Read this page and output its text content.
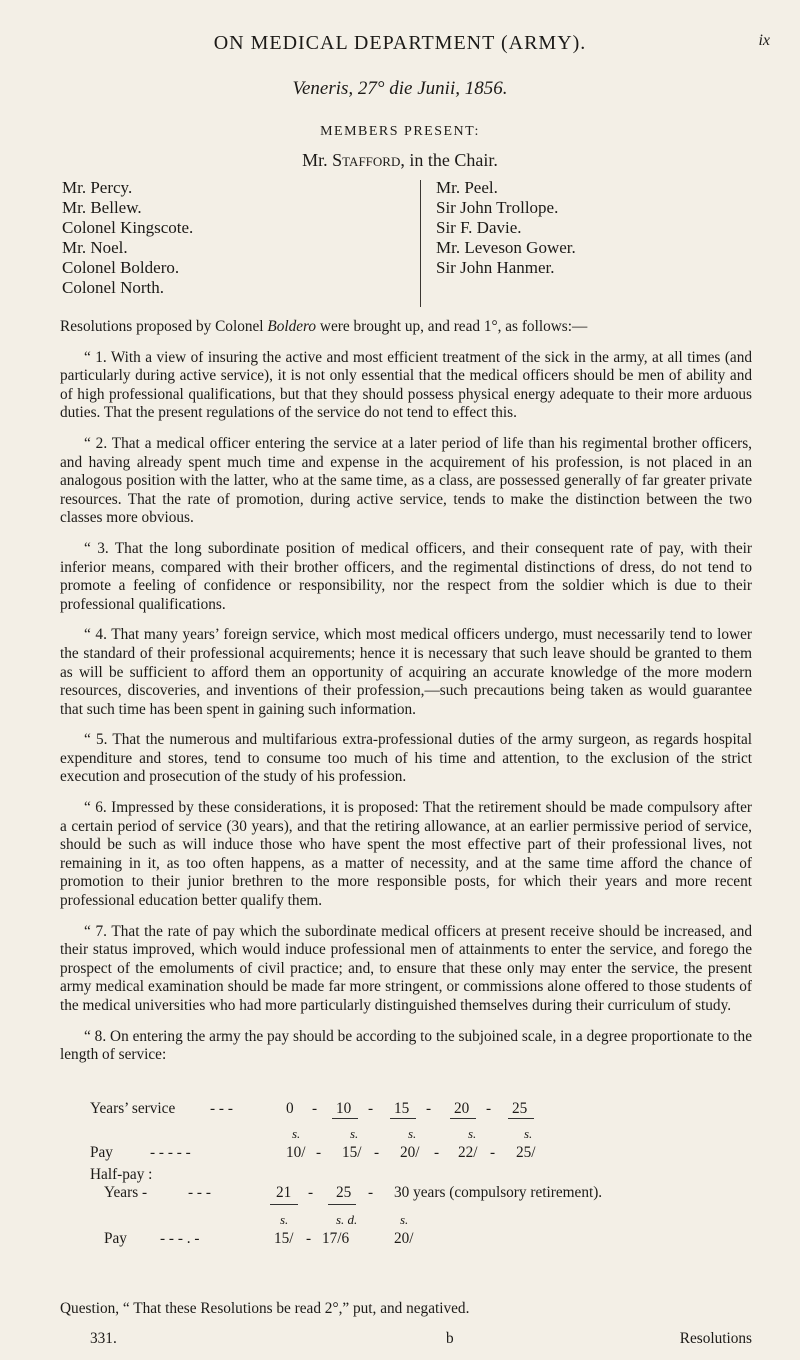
ON MEDICAL DEPARTMENT (ARMY).	ix
Veneris, 27° die Junii, 1856.
MEMBERS PRESENT:
Mr. Stafford, in the Chair.
Mr. Percy.
Mr. Bellew.
Colonel Kingscote.
Mr. Noel.
Colonel Boldero.
Colonel North.
Mr. Peel.
Sir John Trollope.
Sir F. Davie.
Mr. Leveson Gower.
Sir John Hanmer.

Resolutions proposed by Colonel Boldero were brought up, and read 1°, as follows:—

“ 1. With a view of insuring the active and most efficient treatment of the sick in the army, at all times (and particularly during active service), it is not only essential that the medical officers should be men of ability and of high professional qualifications, but that they should possess physical energy adequate to their more arduous duties. That the present regulations of the service do not tend to effect this.

“ 2. That a medical officer entering the service at a later period of life than his regimental brother officers, and having already spent much time and expense in the acquirement of his profession, is not placed in an analogous position with the latter, who at the same time, as a class, are possessed generally of far greater private resources. That the rate of promotion, during active service, tends to make the distinction between the two classes more obvious.

“ 3. That the long subordinate position of medical officers, and their consequent rate of pay, with their inferior means, compared with their brother officers, and the regimental distinctions of dress, do not tend to promote a feeling of confidence or responsibility, nor the respect from the soldier which is due to their professional qualifications.

“ 4. That many years’ foreign service, which most medical officers undergo, must necessarily tend to lower the standard of their professional acquirements; hence it is necessary that such leave should be granted to them as will be sufficient to afford them an opportunity of acquiring an accurate knowledge of the more modern resources, discoveries, and inventions of their profession,—such precautions being taken as would guarantee that such time has been spent in gaining such information.

“ 5. That the numerous and multifarious extra-professional duties of the army surgeon, as regards hospital expenditure and stores, tend to consume too much of his time and attention, to the exclusion of the strict execution and prosecution of the study of his profession.

“ 6. Impressed by these considerations, it is proposed: That the retirement should be made compulsory after a certain period of service (30 years), and that the retiring allowance, at an earlier permissive period of service, should be such as will induce those who have spent the most effective part of their professional lives, not remaining in it, as too often happens, as a matter of necessity, and at the same time afford the chance of promotion to their junior brethren to the more responsible posts, for which their years and more recent professional education better qualify them.

“ 7. That the rate of pay which the subordinate medical officers at present receive should be increased, and their status improved, which would induce professional men of attainments to enter the service, and forego the prospect of the emoluments of civil practice; and, to ensure that these only may enter the service, the present army medical examination should be made far more stringent, or commissions alone offered to those students of the medical universities who had more particularly distinguished themselves during their curriculum of study.

“ 8. On entering the army the pay should be according to the subjoined scale, in a degree proportionate to the length of service:

Years’ service - - -	0 - 10 - 15 - 20 - 25
s.	s.	s.	s.	s.
Pay - - - - -	10/ - 15/ - 20/ - 22/ - 25/
Half-pay :
Years -	- - -	21 - 25 - 30 years (compulsory retirement).
s.	s. d.	s.
Pay - - - . -	15/ - 17/6	20/
Question, “ That these Resolutions be read 2°,” put, and negatived.
331.	b	Resolutions
